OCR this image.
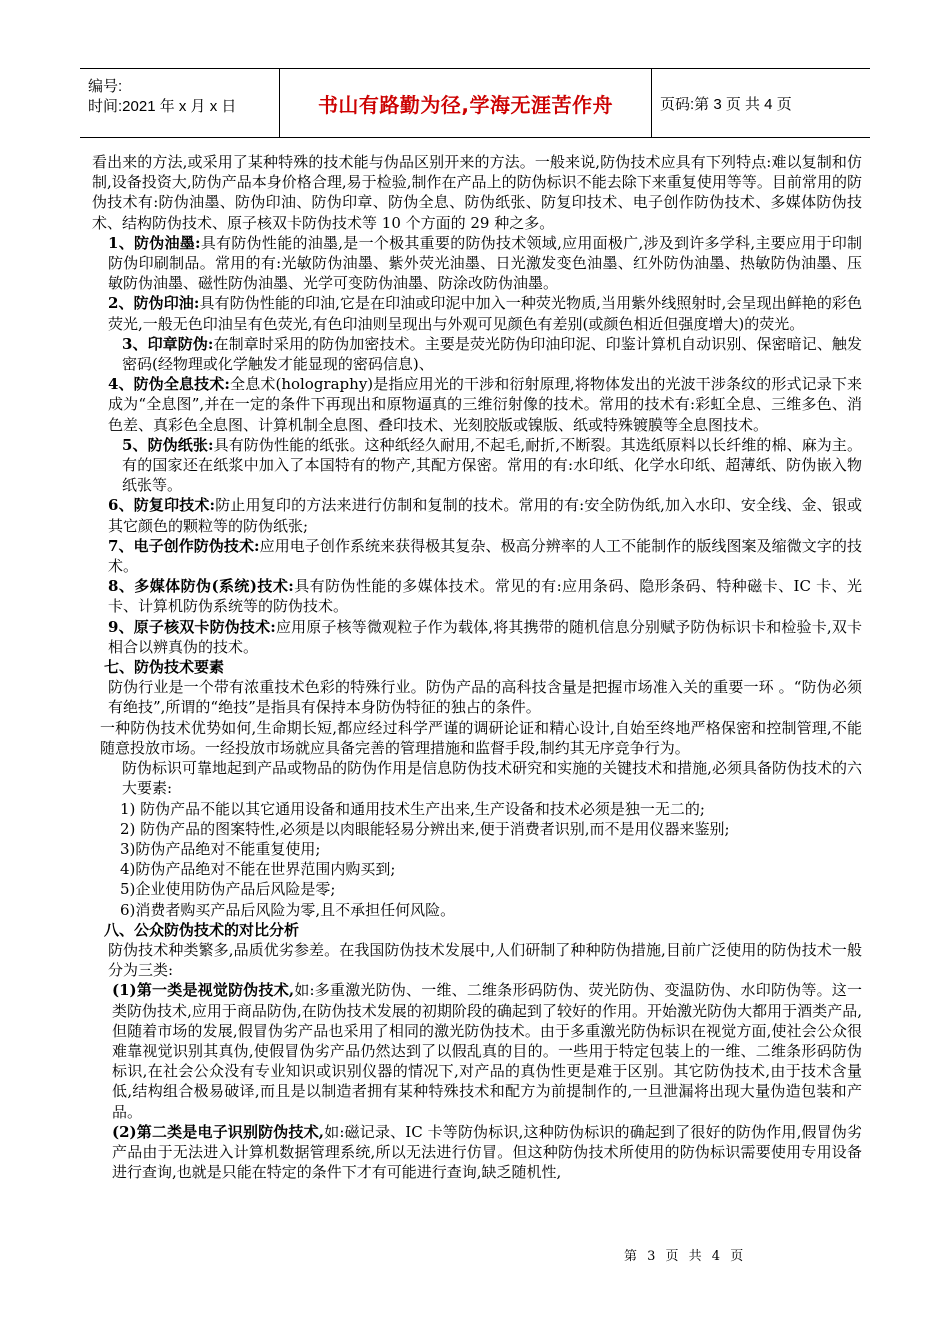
编号:
时间:2021 年 x 月 x 日	书山有路勤为径,学海无涯苦作舟	页码:第 3 页 共 4 页

看出来的方法,或采用了某种特殊的技术能与伪品区别开来的方法。一般来说,防伪技术应具有下列特点:难以复制和仿制,设备投资大,防伪产品本身价格合理,易于检验,制作在产品上的防伪标识不能去除下来重复使用等等。目前常用的防伪技术有:防伪油墨、防伪印油、防伪印章、防伪全息、防伪纸张、防复印技术、电子创作防伪技术、多媒体防伪技术、结构防伪技术、原子核双卡防伪技术等 10 个方面的 29 种之多。

1、防伪油墨:具有防伪性能的油墨,是一个极其重要的防伪技术领域,应用面极广,涉及到许多学科,主要应用于印制防伪印刷制品。常用的有:光敏防伪油墨、紫外荧光油墨、日光激发变色油墨、红外防伪油墨、热敏防伪油墨、压敏防伪油墨、磁性防伪油墨、光学可变防伪油墨、防涂改防伪油墨。

2、防伪印油:具有防伪性能的印油,它是在印油或印泥中加入一种荧光物质,当用紫外线照射时,会呈现出鲜艳的彩色荧光,一般无色印油呈有色荧光,有色印油则呈现出与外观可见颜色有差别(或颜色相近但强度增大)的荧光。

3、印章防伪:在制章时采用的防伪加密技术。主要是荧光防伪印油印泥、印鉴计算机自动识别、保密暗记、触发密码(经物理或化学触发才能显现的密码信息)、

4、防伪全息技术:全息术(holography)是指应用光的干涉和衍射原理,将物体发出的光波干涉条纹的形式记录下来成为“全息图”,并在一定的条件下再现出和原物逼真的三维衍射像的技术。常用的技术有:彩虹全息、三维多色、消色差、真彩色全息图、计算机制全息图、叠印技术、光刻胶版或镍版、纸或特殊镀膜等全息图技术。

5、防伪纸张:具有防伪性能的纸张。这种纸经久耐用,不起毛,耐折,不断裂。其选纸原料以长纤维的棉、麻为主。有的国家还在纸浆中加入了本国特有的物产,其配方保密。常用的有:水印纸、化学水印纸、超薄纸、防伪嵌入物纸张等。

6、防复印技术:防止用复印的方法来进行仿制和复制的技术。常用的有:安全防伪纸,加入水印、安全线、金、银或其它颜色的颗粒等的防伪纸张;

7、电子创作防伪技术:应用电子创作系统来获得极其复杂、极高分辨率的人工不能制作的版线图案及缩微文字的技术。

8、多媒体防伪(系统)技术:具有防伪性能的多媒体技术。常见的有:应用条码、隐形条码、特种磁卡、IC 卡、光卡、计算机防伪系统等的防伪技术。

9、原子核双卡防伪技术:应用原子核等微观粒子作为载体,将其携带的随机信息分别赋予防伪标识卡和检验卡,双卡相合以辨真伪的技术。

七、防伪技术要素

防伪行业是一个带有浓重技术色彩的特殊行业。防伪产品的高科技含量是把握市场准入关的重要一环 。“防伪必须有绝技”,所谓的“绝技”是指具有保持本身防伪特征的独占的条件。

一种防伪技术优势如何,生命期长短,都应经过科学严谨的调研论证和精心设计,自始至终地严格保密和控制管理,不能随意投放市场。一经投放市场就应具备完善的管理措施和监督手段,制约其无序竞争行为。

防伪标识可靠地起到产品或物品的防伪作用是信息防伪技术研究和实施的关键技术和措施,必须具备防伪技术的六大要素:

1) 防伪产品不能以其它通用设备和通用技术生产出来,生产设备和技术必须是独一无二的;

2) 防伪产品的图案特性,必须是以肉眼能轻易分辨出来,便于消费者识别,而不是用仪器来鉴别;

3)防伪产品绝对不能重复使用;

4)防伪产品绝对不能在世界范围内购买到;

5)企业使用防伪产品后风险是零;

6)消费者购买产品后风险为零,且不承担任何风险。

八、公众防伪技术的对比分析

防伪技术种类繁多,品质优劣参差。在我国防伪技术发展中,人们研制了种种防伪措施,目前广泛使用的防伪技术一般分为三类:

(1)第一类是视觉防伪技术,如:多重激光防伪、一维、二维条形码防伪、荧光防伪、变温防伪、水印防伪等。这一类防伪技术,应用于商品防伪,在防伪技术发展的初期阶段的确起到了较好的作用。开始激光防伪大都用于酒类产品,但随着市场的发展,假冒伪劣产品也采用了相同的激光防伪技术。由于多重激光防伪标识在视觉方面,使社会公众很难靠视觉识别其真伪,使假冒伪劣产品仍然达到了以假乱真的目的。一些用于特定包装上的一维、二维条形码防伪标识,在社会公众没有专业知识或识别仪器的情况下,对产品的真伪性更是难于区别。其它防伪技术,由于技术含量低,结构组合极易破译,而且是以制造者拥有某种特殊技术和配方为前提制作的,一旦泄漏将出现大量伪造包装和产品。

(2)第二类是电子识别防伪技术,如:磁记录、IC 卡等防伪标识,这种防伪标识的确起到了很好的防伪作用,假冒伪劣产品由于无法进入计算机数据管理系统,所以无法进行仿冒。但这种防伪技术所使用的防伪标识需要使用专用设备进行查询,也就是只能在特定的条件下才有可能进行查询,缺乏随机性,

第 3 页 共 4 页
